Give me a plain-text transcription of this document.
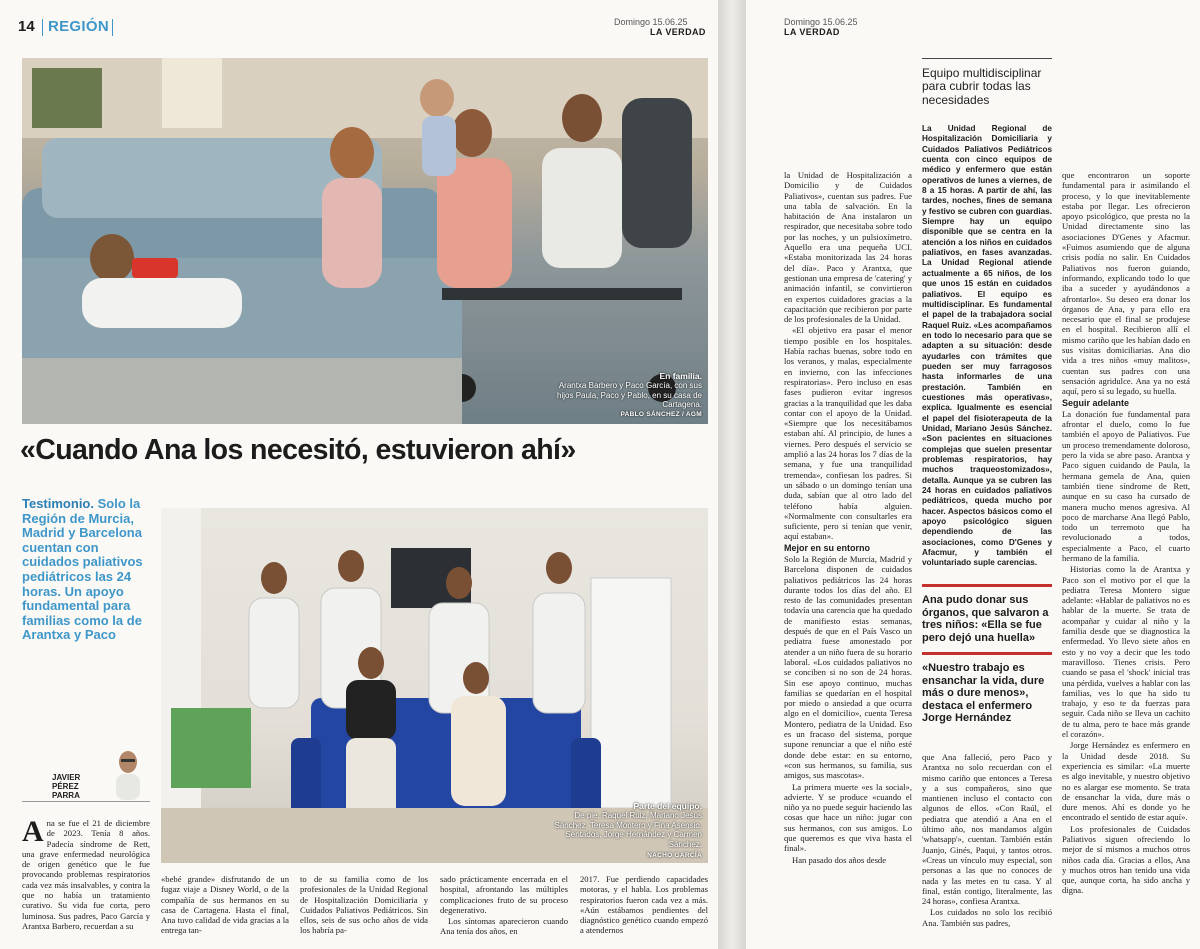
14 REGIÓN	Domingo 15.06.25
LA VERDAD
En familia.
Arantxa Barbero y Paco García, con sus hijos Paula, Paco y Pablo, en su casa de Cartagena.
PABLO SÁNCHEZ / AGM
«Cuando Ana los necesitó, estuvieron ahí»
Testimonio. Solo la Región de Murcia, Madrid y Barcelona cuentan con cuidados paliativos pediátricos las 24 horas. Un apoyo fundamental para familias como la de Arantxa y Paco
JAVIER
PÉREZ PARRA
Parte del equipo.
De pie, Raquel Ruiz, Mariano Jesús Sánchez, Teresa Montero y Fina Asensio. Sentados, Jorge Hernández y Carmen Sánchez.
NACHO GARCÍA
A na se fue el 21 de diciembre de 2023. Tenía 8 años. Padecía síndrome de Rett, una grave enfermedad neurológica de origen genético que le fue provocando problemas respiratorios cada vez más insalvables, y contra la que no había un tratamiento curativo. Su vida fue corta, pero luminosa. Sus padres, Paco García y Arantxa Barbero, recuerdan a su
«bebé grande» disfrutando de un fugaz viaje a Disney World, o de la compañía de sus hermanos en su casa de Cartagena. Hasta el final, Ana tuvo calidad de vida gracias a la entrega tan-
to de su familia como de los profesionales de la Unidad Regional de Hospitalización Domiciliaria y Cuidados Paliativos Pediátricos. Sin ellos, seis de sus ocho años de vida los habría pa-

sado prácticamente encerrada en el hospital, afrontando las múltiples complicaciones fruto de su proceso degenerativo.

Los síntomas aparecieron cuando Ana tenía dos años, en

2017. Fue perdiendo capacidades motoras, y el habla. Los problemas respiratorios fueron cada vez a más. «Aún estábamos pendientes del diagnóstico genético cuando empezó a atendernos
Domingo 15.06.25
LA VERDAD
Equipo multidisciplinar para cubrir todas las necesidades
La Unidad Regional de Hospitalización Domiciliaria y Cuidados Paliativos Pediátricos cuenta con cinco equipos de médico y enfermero que están operativos de lunes a viernes, de 8 a 15 horas. A partir de ahí, las tardes, noches, fines de semana y festivo se cubren con guardias. Siempre hay un equipo disponible que se centra en la atención a los niños en cuidados paliativos, en fases avanzadas. La Unidad Regional atiende actualmente a 65 niños, de los que unos 15 están en cuidados paliativos. El equipo es multidisciplinar. Es fundamental el papel de la trabajadora social Raquel Ruiz. «Les acompañamos en todo lo necesario para que se adapten a su situación: desde ayudarles con trámites que pueden ser muy farragosos hasta informarles de una prestación. También en cuestiones más operativas», explica. Igualmente es esencial el papel del fisioterapeuta de la Unidad, Mariano Jesús Sánchez. «Son pacientes en situaciones complejas que suelen presentar problemas respiratorios, hay muchos traqueostomizados», detalla. Aunque ya se cubren las 24 horas en cuidados paliativos pediátricos, queda mucho por hacer. Aspectos básicos como el apoyo psicológico siguen dependiendo de las asociaciones, como D'Genes y Afacmur, y también el voluntariado suple carencias.

la Unidad de Hospitalización a Domicilio y de Cuidados Paliativos», cuentan sus padres. Fue una tabla de salvación. En la habitación de Ana instalaron un respirador, que necesitaba sobre todo por las noches, y un pulsioxímetro. Aquello era una pequeña UCI. «Estaba monitorizada las 24 horas del día». Paco y Arantxa, que gestionan una empresa de 'catering' y animación infantil, se convirtieron en expertos cuidadores gracias a la capacitación que recibieron por parte de los profesionales de la Unidad.

«El objetivo era pasar el menor tiempo posible en los hospitales. Había rachas buenas, sobre todo en los veranos, y malas, especialmente en invierno, con las infecciones respiratorias». Pero incluso en esas fases pudieron evitar ingresos gracias a la tranquilidad que les daba contar con el apoyo de la Unidad. «Siempre que los necesitábamos estaban ahí. Al principio, de lunes a viernes. Pero después el servicio se amplió a las 24 horas los 7 días de la semana, y fue una tranquilidad tremenda», confiesan los padres. Si un sábado o un domingo tenían una duda, sabían que al otro lado del teléfono había alguien. «Normalmente con consultarles era suficiente, pero si tenían que venir, aquí estaban».

Mejor en su entorno

Solo la Región de Murcia, Madrid y Barcelona disponen de cuidados paliativos pediátricos las 24 horas durante todos los días del año. El resto de las comunidades presentan todavía una carencia que ha quedado de manifiesto estas semanas, después de que en el País Vasco un pediatra fuese amonestado por atender a un niño fuera de su horario laboral. «Los cuidados paliativos no se conciben si no son de 24 horas. Sin ese apoyo continuo, muchas familias se quedarían en el hospital por miedo o ansiedad a que ocurra algo en el domicilio», cuenta Teresa Montero, pediatra de la Unidad. Eso es un fracaso del sistema, porque supone renunciar a que el niño esté donde debe estar: en su entorno, «con sus hermanos, su familia, sus amigos, sus mascotas».

La primera muerte «es la social», advierte. Y se produce «cuando el niño ya no puede seguir haciendo las cosas que hace un niño: jugar con sus hermanos, con sus amigos. Lo que queremos es que viva hasta el final».

Han pasado dos años desde

Ana pudo donar sus órganos, que salvaron a tres niños: «Ella se fue pero dejó una huella»
«Nuestro trabajo es ensanchar la vida, dure más o dure menos», destaca el enfermero Jorge Hernández

que Ana falleció, pero Paco y Arantxa no solo recuerdan con el mismo cariño que entonces a Teresa y a sus compañeros, sino que mantienen incluso el contacto con algunos de ellos. «Con Raúl, el pediatra que atendió a Ana en el último año, nos mandamos algún 'whatsapp'», cuentan. También están Juanjo, Ginés, Paqui, y tantos otros. «Creas un vínculo muy especial, son personas a las que no conoces de nada y las metes en tu casa. Y al final, están contigo, literalmente, las 24 horas», confiesa Arantxa.

Los cuidados no solo los recibió Ana. También sus padres,

que encontraron un soporte fundamental para ir asimilando el proceso, y lo que inevitablemente estaba por llegar. Les ofrecieron apoyo psicológico, que presta no la Unidad directamente sino las asociaciones D'Genes y Afacmur. «Fuimos asumiendo que de alguna crisis podía no salir. En Cuidados Paliativos nos fueron guiando, informando, explicando todo lo que iba a suceder y ayudándonos a afrontarlo». Su deseo era donar los órganos de Ana, y para ello era necesario que el final se produjese en el hospital. Recibieron allí el mismo cariño que les habían dado en sus visitas domiciliarias. Ana dio vida a tres niños «muy malitos», cuentan sus padres con una sensación agridulce. Ana ya no está aquí, pero sí su legado, su huella.

Seguir adelante

La donación fue fundamental para afrontar el duelo, como lo fue también el apoyo de Paliativos. Fue un proceso tremendamente doloroso, pero la vida se abre paso. Arantxa y Paco siguen cuidando de Paula, la hermana gemela de Ana, quien también tiene síndrome de Rett, aunque en su caso ha cursado de manera mucho menos agresiva. Al poco de marcharse Ana llegó Pablo, todo un terremoto que ha revolucionado a todos, especialmente a Paco, el cuarto hermano de la familia.

Historias como la de Arantxa y Paco son el motivo por el que la pediatra Teresa Montero sigue adelante: «Hablar de paliativos no es hablar de la muerte. Se trata de acompañar y cuidar al niño y la familia desde que se diagnostica la enfermedad. Yo llevo siete años en esto y no voy a decir que les todo maravilloso. Tienes crisis. Pero cuando se pasa el 'shock' inicial tras una pérdida, vuelves a hablar con las familias, ves lo que ha sido tu trabajo, y eso te da fuerzas para seguir. Cada niño se lleva un cachito de tu alma, pero te hace más grande el corazón».

Jorge Hernández es enfermero en la Unidad desde 2018. Su experiencia es similar: «La muerte es algo inevitable, y nuestro objetivo no es alargar ese momento. Se trata de ensanchar la vida, dure más o dure menos. Ahí es donde yo he encontrado el sentido de estar aquí».

Los profesionales de Cuidados Paliativos siguen ofreciendo lo mejor de sí mismos a muchos otros niños cada día. Gracias a ellos, Ana y muchos otros han tenido una vida que, aunque corta, ha sido ancha y digna.
